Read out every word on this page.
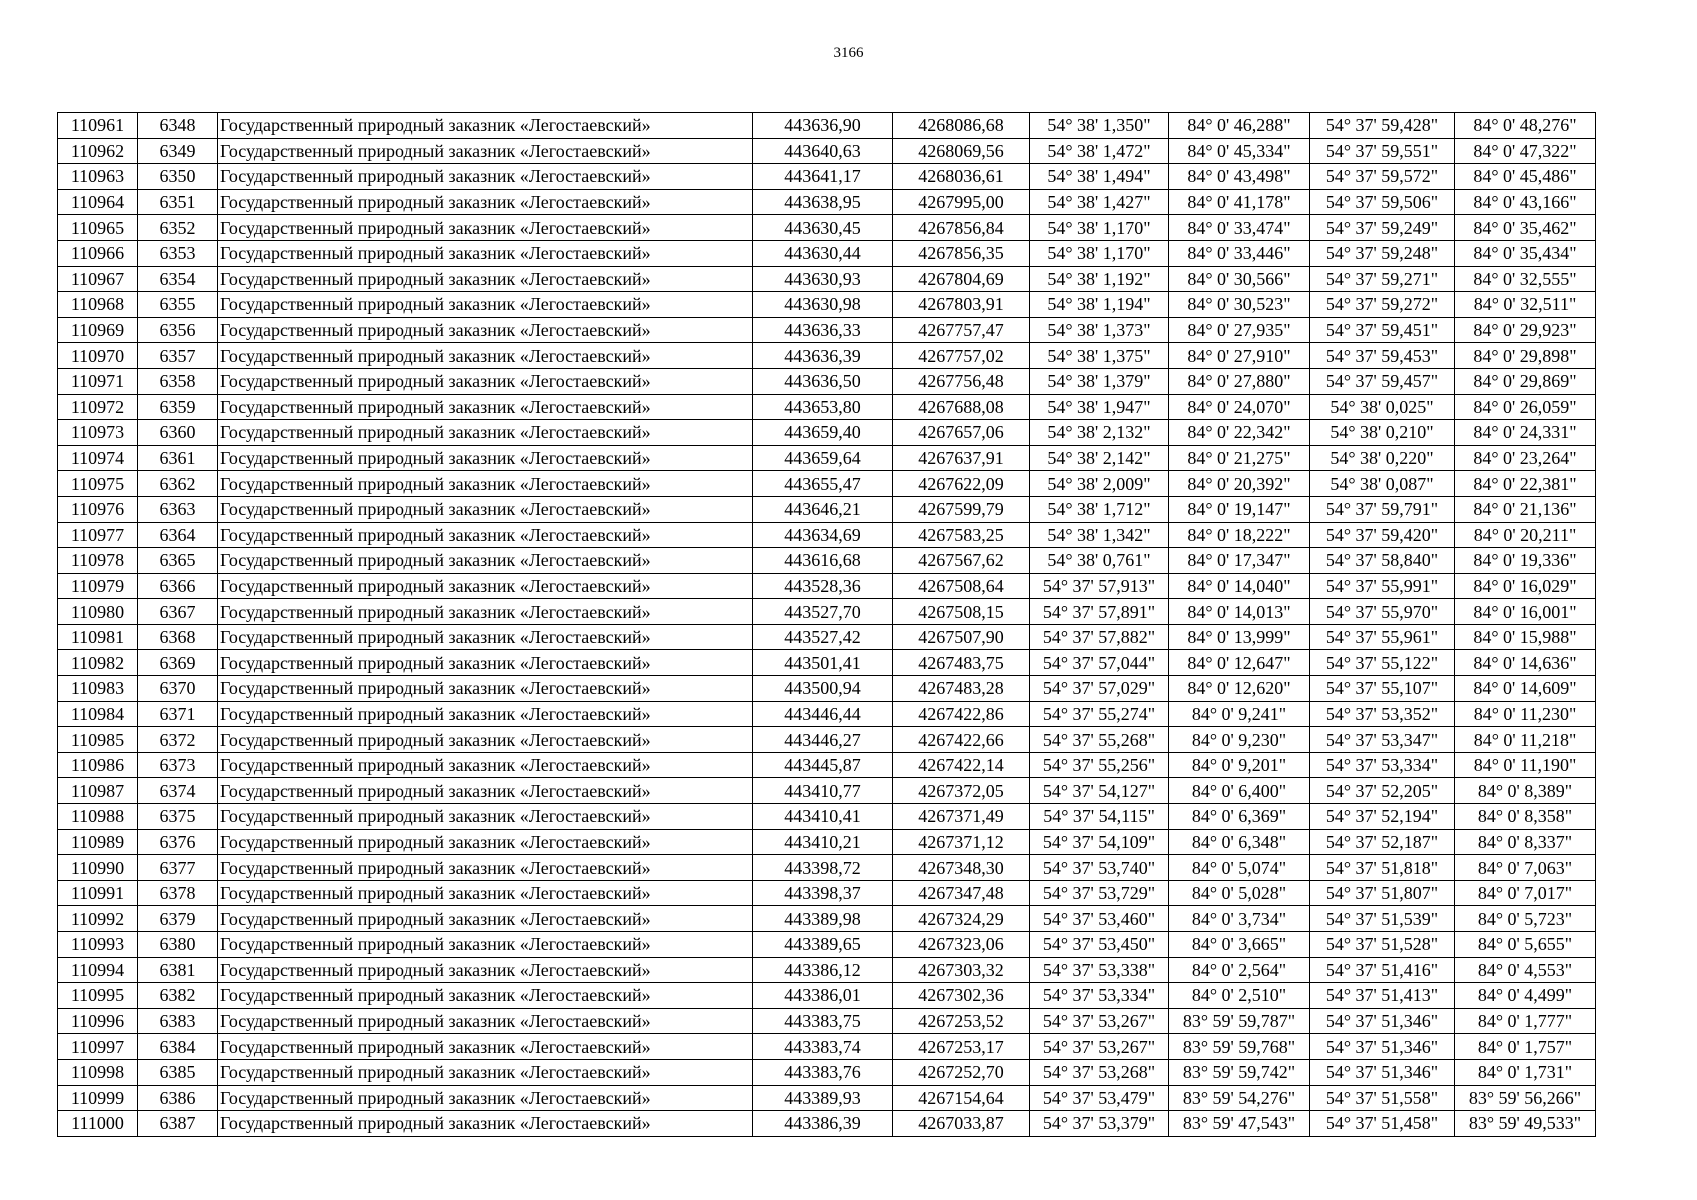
3166
110961	6348	Государственный природный заказник «Легостаевский»	443636,90	4268086,68	54° 38' 1,350"	84° 0' 46,288"	54° 37' 59,428"	84° 0' 48,276"
110962	6349	Государственный природный заказник «Легостаевский»	443640,63	4268069,56	54° 38' 1,472"	84° 0' 45,334"	54° 37' 59,551"	84° 0' 47,322"
110963	6350	Государственный природный заказник «Легостаевский»	443641,17	4268036,61	54° 38' 1,494"	84° 0' 43,498"	54° 37' 59,572"	84° 0' 45,486"
110964	6351	Государственный природный заказник «Легостаевский»	443638,95	4267995,00	54° 38' 1,427"	84° 0' 41,178"	54° 37' 59,506"	84° 0' 43,166"
110965	6352	Государственный природный заказник «Легостаевский»	443630,45	4267856,84	54° 38' 1,170"	84° 0' 33,474"	54° 37' 59,249"	84° 0' 35,462"
110966	6353	Государственный природный заказник «Легостаевский»	443630,44	4267856,35	54° 38' 1,170"	84° 0' 33,446"	54° 37' 59,248"	84° 0' 35,434"
110967	6354	Государственный природный заказник «Легостаевский»	443630,93	4267804,69	54° 38' 1,192"	84° 0' 30,566"	54° 37' 59,271"	84° 0' 32,555"
110968	6355	Государственный природный заказник «Легостаевский»	443630,98	4267803,91	54° 38' 1,194"	84° 0' 30,523"	54° 37' 59,272"	84° 0' 32,511"
110969	6356	Государственный природный заказник «Легостаевский»	443636,33	4267757,47	54° 38' 1,373"	84° 0' 27,935"	54° 37' 59,451"	84° 0' 29,923"
110970	6357	Государственный природный заказник «Легостаевский»	443636,39	4267757,02	54° 38' 1,375"	84° 0' 27,910"	54° 37' 59,453"	84° 0' 29,898"
110971	6358	Государственный природный заказник «Легостаевский»	443636,50	4267756,48	54° 38' 1,379"	84° 0' 27,880"	54° 37' 59,457"	84° 0' 29,869"
110972	6359	Государственный природный заказник «Легостаевский»	443653,80	4267688,08	54° 38' 1,947"	84° 0' 24,070"	54° 38' 0,025"	84° 0' 26,059"
110973	6360	Государственный природный заказник «Легостаевский»	443659,40	4267657,06	54° 38' 2,132"	84° 0' 22,342"	54° 38' 0,210"	84° 0' 24,331"
110974	6361	Государственный природный заказник «Легостаевский»	443659,64	4267637,91	54° 38' 2,142"	84° 0' 21,275"	54° 38' 0,220"	84° 0' 23,264"
110975	6362	Государственный природный заказник «Легостаевский»	443655,47	4267622,09	54° 38' 2,009"	84° 0' 20,392"	54° 38' 0,087"	84° 0' 22,381"
110976	6363	Государственный природный заказник «Легостаевский»	443646,21	4267599,79	54° 38' 1,712"	84° 0' 19,147"	54° 37' 59,791"	84° 0' 21,136"
110977	6364	Государственный природный заказник «Легостаевский»	443634,69	4267583,25	54° 38' 1,342"	84° 0' 18,222"	54° 37' 59,420"	84° 0' 20,211"
110978	6365	Государственный природный заказник «Легостаевский»	443616,68	4267567,62	54° 38' 0,761"	84° 0' 17,347"	54° 37' 58,840"	84° 0' 19,336"
110979	6366	Государственный природный заказник «Легостаевский»	443528,36	4267508,64	54° 37' 57,913"	84° 0' 14,040"	54° 37' 55,991"	84° 0' 16,029"
110980	6367	Государственный природный заказник «Легостаевский»	443527,70	4267508,15	54° 37' 57,891"	84° 0' 14,013"	54° 37' 55,970"	84° 0' 16,001"
110981	6368	Государственный природный заказник «Легостаевский»	443527,42	4267507,90	54° 37' 57,882"	84° 0' 13,999"	54° 37' 55,961"	84° 0' 15,988"
110982	6369	Государственный природный заказник «Легостаевский»	443501,41	4267483,75	54° 37' 57,044"	84° 0' 12,647"	54° 37' 55,122"	84° 0' 14,636"
110983	6370	Государственный природный заказник «Легостаевский»	443500,94	4267483,28	54° 37' 57,029"	84° 0' 12,620"	54° 37' 55,107"	84° 0' 14,609"
110984	6371	Государственный природный заказник «Легостаевский»	443446,44	4267422,86	54° 37' 55,274"	84° 0' 9,241"	54° 37' 53,352"	84° 0' 11,230"
110985	6372	Государственный природный заказник «Легостаевский»	443446,27	4267422,66	54° 37' 55,268"	84° 0' 9,230"	54° 37' 53,347"	84° 0' 11,218"
110986	6373	Государственный природный заказник «Легостаевский»	443445,87	4267422,14	54° 37' 55,256"	84° 0' 9,201"	54° 37' 53,334"	84° 0' 11,190"
110987	6374	Государственный природный заказник «Легостаевский»	443410,77	4267372,05	54° 37' 54,127"	84° 0' 6,400"	54° 37' 52,205"	84° 0' 8,389"
110988	6375	Государственный природный заказник «Легостаевский»	443410,41	4267371,49	54° 37' 54,115"	84° 0' 6,369"	54° 37' 52,194"	84° 0' 8,358"
110989	6376	Государственный природный заказник «Легостаевский»	443410,21	4267371,12	54° 37' 54,109"	84° 0' 6,348"	54° 37' 52,187"	84° 0' 8,337"
110990	6377	Государственный природный заказник «Легостаевский»	443398,72	4267348,30	54° 37' 53,740"	84° 0' 5,074"	54° 37' 51,818"	84° 0' 7,063"
110991	6378	Государственный природный заказник «Легостаевский»	443398,37	4267347,48	54° 37' 53,729"	84° 0' 5,028"	54° 37' 51,807"	84° 0' 7,017"
110992	6379	Государственный природный заказник «Легостаевский»	443389,98	4267324,29	54° 37' 53,460"	84° 0' 3,734"	54° 37' 51,539"	84° 0' 5,723"
110993	6380	Государственный природный заказник «Легостаевский»	443389,65	4267323,06	54° 37' 53,450"	84° 0' 3,665"	54° 37' 51,528"	84° 0' 5,655"
110994	6381	Государственный природный заказник «Легостаевский»	443386,12	4267303,32	54° 37' 53,338"	84° 0' 2,564"	54° 37' 51,416"	84° 0' 4,553"
110995	6382	Государственный природный заказник «Легостаевский»	443386,01	4267302,36	54° 37' 53,334"	84° 0' 2,510"	54° 37' 51,413"	84° 0' 4,499"
110996	6383	Государственный природный заказник «Легостаевский»	443383,75	4267253,52	54° 37' 53,267"	83° 59' 59,787"	54° 37' 51,346"	84° 0' 1,777"
110997	6384	Государственный природный заказник «Легостаевский»	443383,74	4267253,17	54° 37' 53,267"	83° 59' 59,768"	54° 37' 51,346"	84° 0' 1,757"
110998	6385	Государственный природный заказник «Легостаевский»	443383,76	4267252,70	54° 37' 53,268"	83° 59' 59,742"	54° 37' 51,346"	84° 0' 1,731"
110999	6386	Государственный природный заказник «Легостаевский»	443389,93	4267154,64	54° 37' 53,479"	83° 59' 54,276"	54° 37' 51,558"	83° 59' 56,266"
111000	6387	Государственный природный заказник «Легостаевский»	443386,39	4267033,87	54° 37' 53,379"	83° 59' 47,543"	54° 37' 51,458"	83° 59' 49,533"
